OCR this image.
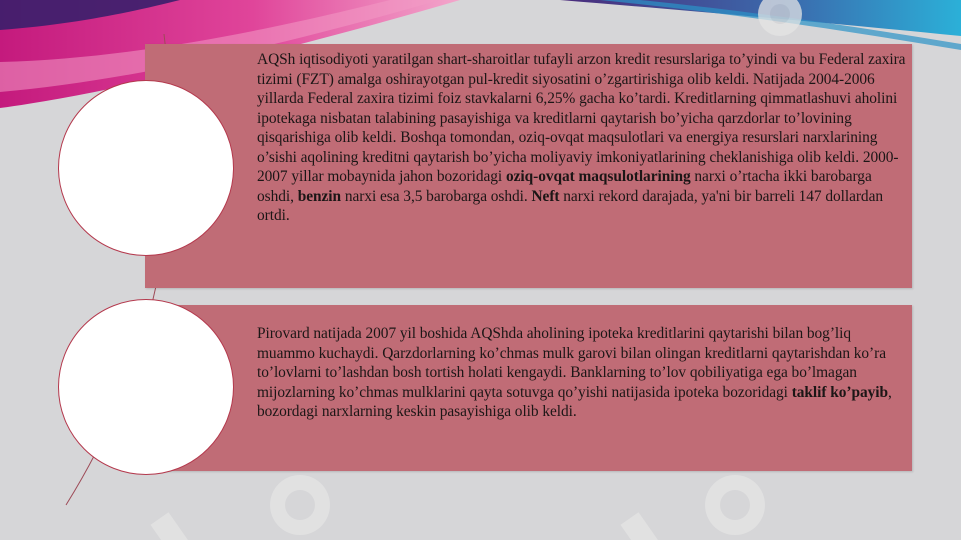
AQSh iqtisodiyoti yaratilgan shart-sharoitlar tufayli arzon kredit resurslariga to’yindi va bu Federal zaxira tizimi (FZT) amalga oshirayotgan pul-kredit siyosatini o’zgartirishiga olib keldi. Natijada 2004-2006 yillarda Federal zaxira tizimi foiz stavkalarni 6,25% gacha ko’tardi. Kreditlarning qimmatlashuvi aholini ipotekaga nisbatan talabining pasayishiga va kreditlarni qaytarish bo’yicha qarzdorlar to’lovining qisqarishiga olib keldi. Boshqa tomondan, oziq-ovqat maqsulotlari va energiya resurslari narxlarining o’sishi aqolining kreditni qaytarish bo’yicha moliyaviy imkoniyatlarining cheklanishiga olib keldi. 2000-2007 yillar mobaynida jahon bozoridagi oziq-ovqat maqsulotlarining narxi o’rtacha ikki barobarga oshdi, benzin narxi esa 3,5 barobarga oshdi. Neft narxi rekord darajada, ya'ni bir barreli 147 dollardan ortdi.

Pirovard natijada 2007 yil boshida AQShda aholining ipoteka kreditlarini qaytarishi bilan bog’liq muammo kuchaydi. Qarzdorlarning ko’chmas mulk garovi bilan olingan kreditlarni qaytarishdan ko’ra to’lovlarni to’lashdan bosh tortish holati kengaydi. Banklarning to’lov qobiliyatiga ega bo’lmagan mijozlarning ko’chmas mulklarini qayta sotuvga qo’yishi natijasida ipoteka bozoridagi taklif ko’payib, bozordagi narxlarning keskin pasayishiga olib keldi.
